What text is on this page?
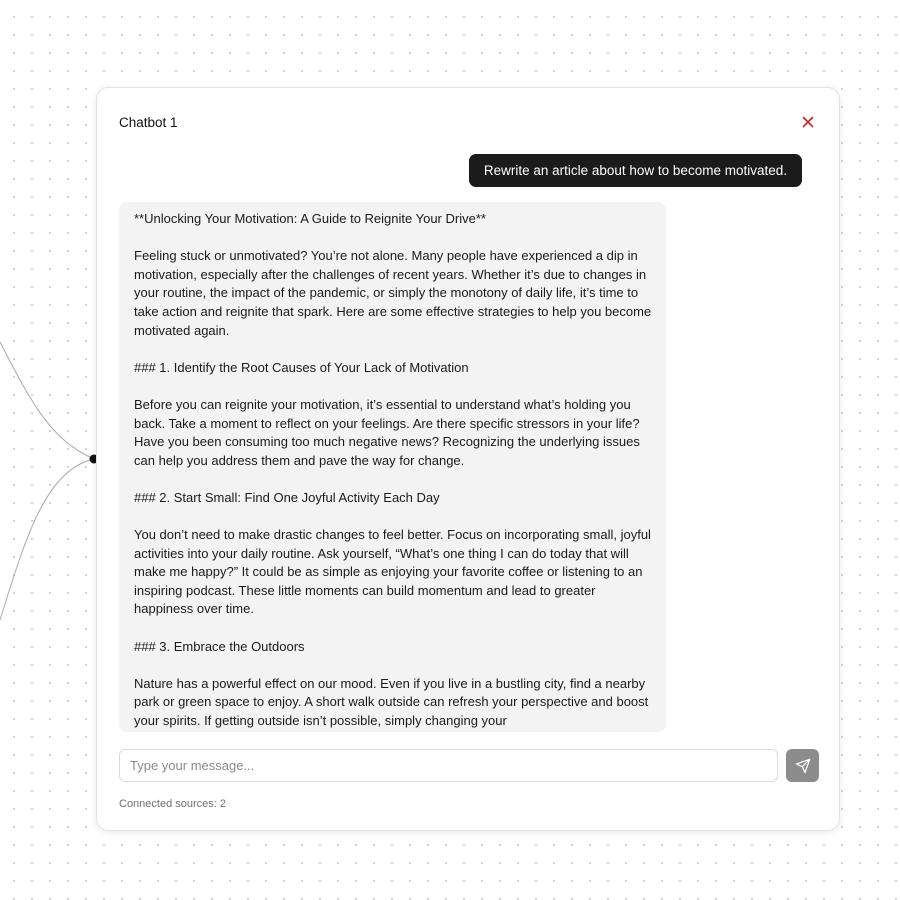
Chatbot 1
Rewrite an article about how to become motivated.
**Unlocking Your Motivation: A Guide to Reignite Your Drive**

Feeling stuck or unmotivated? You’re not alone. Many people have experienced a dip in motivation, especially after the challenges of recent years. Whether it’s due to changes in your routine, the impact of the pandemic, or simply the monotony of daily life, it’s time to take action and reignite that spark. Here are some effective strategies to help you become motivated again.

### 1. Identify the Root Causes of Your Lack of Motivation

Before you can reignite your motivation, it’s essential to understand what’s holding you back. Take a moment to reflect on your feelings. Are there specific stressors in your life? Have you been consuming too much negative news? Recognizing the underlying issues can help you address them and pave the way for change.

### 2. Start Small: Find One Joyful Activity Each Day

You don’t need to make drastic changes to feel better. Focus on incorporating small, joyful activities into your daily routine. Ask yourself, “What’s one thing I can do today that will make me happy?” It could be as simple as enjoying your favorite coffee or listening to an inspiring podcast. These little moments can build momentum and lead to greater happiness over time.

### 3. Embrace the Outdoors

Nature has a powerful effect on our mood. Even if you live in a bustling city, find a nearby park or green space to enjoy. A short walk outside can refresh your perspective and boost your spirits. If getting outside isn’t possible, simply changing your
Type your message...
Connected sources: 2
